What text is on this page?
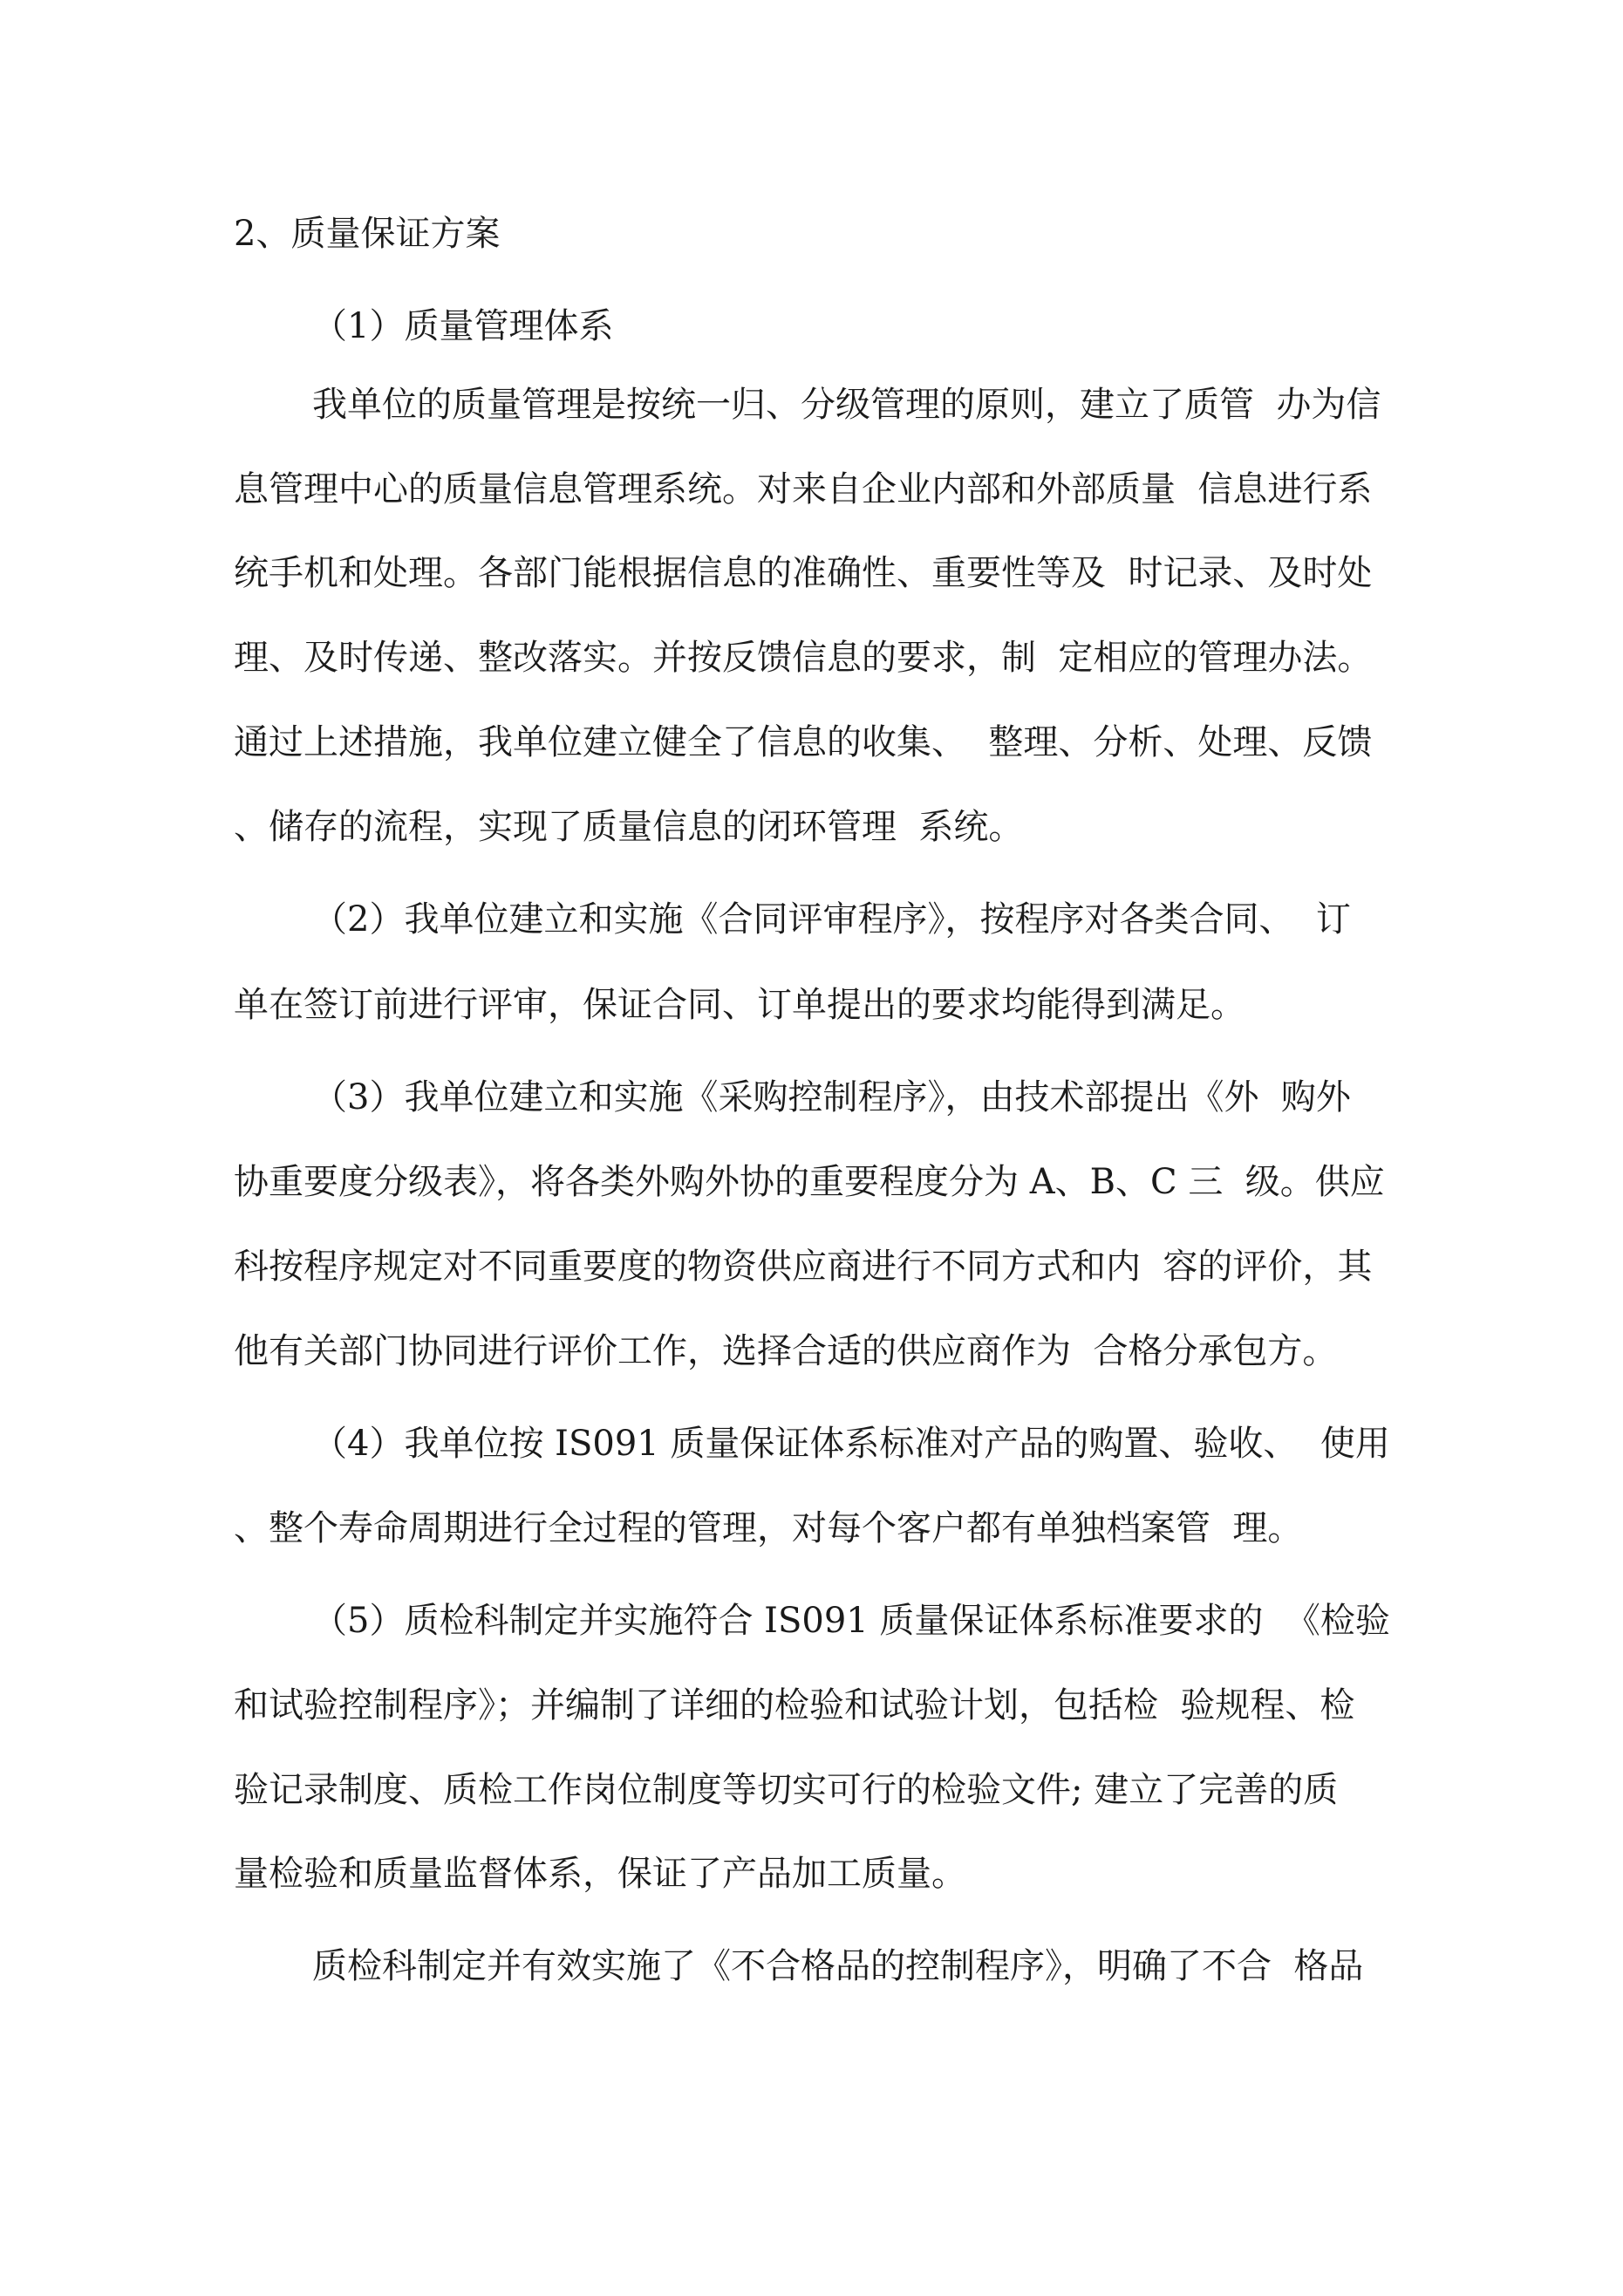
2、质量保证方案

（1）质量管理体系

我单位的质量管理是按统一归、分级管理的原则，建立了质管  办为信

息管理中心的质量信息管理系统。对来自企业内部和外部质量  信息进行系

统手机和处理。各部门能根据信息的准确性、重要性等及  时记录、及时处

理、及时传递、整改落实。并按反馈信息的要求，制  定相应的管理办法。

通过上述措施，我单位建立健全了信息的收集、  整理、分析、处理、反馈

、储存的流程，实现了质量信息的闭环管理  系统。

（2）我单位建立和实施《合同评审程序》，按程序对各类合同、  订

单在签订前进行评审，保证合同、订单提出的要求均能得到满足。

（3）我单位建立和实施《采购控制程序》，由技术部提出《外  购外

协重要度分级表》，将各类外购外协的重要程度分为 A、B、C 三  级。供应

科按程序规定对不同重要度的物资供应商进行不同方式和内  容的评价，其

他有关部门协同进行评价工作，选择合适的供应商作为  合格分承包方。

（4）我单位按 IS091 质量保证体系标准对产品的购置、验收、  使用

、整个寿命周期进行全过程的管理，对每个客户都有单独档案管  理。

（5）质检科制定并实施符合 IS091 质量保证体系标准要求的  《检验

和试验控制程序》；并编制了详细的检验和试验计划，包括检  验规程、检

验记录制度、质检工作岗位制度等切实可行的检验文件; 建立了完善的质

量检验和质量监督体系，保证了产品加工质量。

质检科制定并有效实施了《不合格品的控制程序》，明确了不合  格品
